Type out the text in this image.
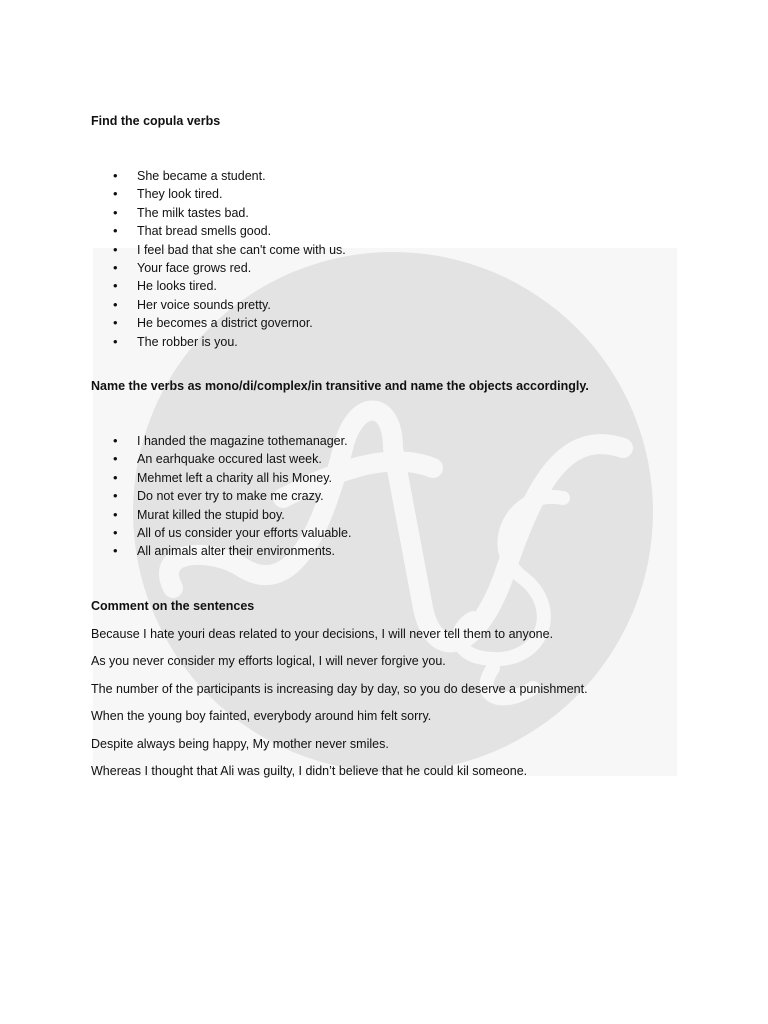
Find the copula verbs
• She became a student.
• They look tired.
• The milk tastes bad.
• That bread smells good.
• I feel bad that she can't come with us.
• Your face grows red.
• He looks tired.
• Her voice sounds pretty.
• He becomes a district governor.
• The robber is you.
Name the verbs as mono/di/complex/in transitive and name the objects accordingly.
• I handed the magazine tothemanager.
• An earhquake occured last week.
• Mehmet left a charity all his Money.
• Do not ever try to make me crazy.
• Murat killed the stupid boy.
• All of us consider your efforts valuable.
• All animals alter their environments.
Comment on the sentences

Because I hate youri deas related to your decisions, I will never tell them to anyone.

As you never consider my efforts logical, I will never forgive you.

The number of the participants is increasing day by day, so you do deserve a punishment.

When the young boy fainted, everybody around him felt sorry.

Despite always being happy, My mother never smiles.

Whereas I thought that Ali was guilty, I didn’t believe that he could kil someone.
